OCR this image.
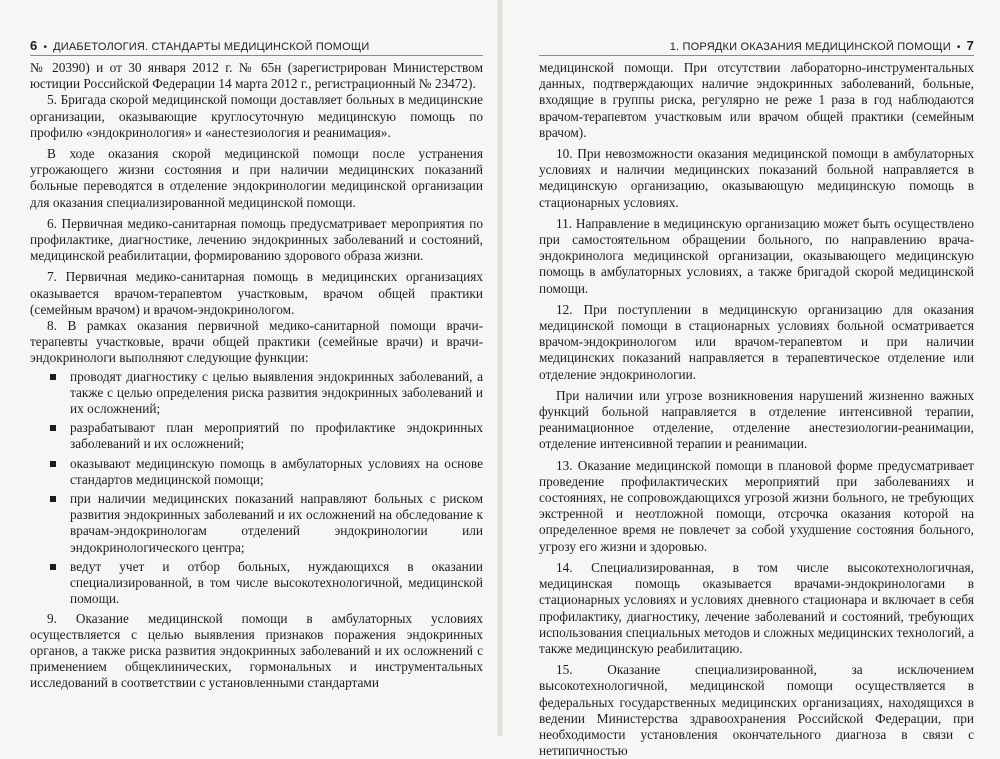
6 • ДИАБЕТОЛОГИЯ. СТАНДАРТЫ МЕДИЦИНСКОЙ ПОМОЩИ

№ 20390) и от 30 января 2012 г. № 65н (зарегистрирован Министерством юстиции Российской Федерации 14 марта 2012 г., регистрационный № 23472).

5. Бригада скорой медицинской помощи доставляет больных в медицинские организации, оказывающие круглосуточную медицинскую помощь по профилю «эндокринология» и «анестезиология и реанимация».

В ходе оказания скорой медицинской помощи после устранения угрожающего жизни состояния и при наличии медицинских показаний больные переводятся в отделение эндокринологии медицинской организации для оказания специализированной медицинской помощи.

6. Первичная медико-санитарная помощь предусматривает мероприятия по профилактике, диагностике, лечению эндокринных заболеваний и состояний, медицинской реабилитации, формированию здорового образа жизни.

7. Первичная медико-санитарная помощь в медицинских организациях оказывается врачом-терапевтом участковым, врачом общей практики (семейным врачом) и врачом-эндокринологом.

8. В рамках оказания первичной медико-санитарной помощи врачи-терапевты участковые, врачи общей практики (семейные врачи) и врачи-эндокринологи выполняют следующие функции:

проводят диагностику с целью выявления эндокринных заболеваний, а также с целью определения риска развития эндокринных заболеваний и их осложнений;
разрабатывают план мероприятий по профилактике эндокринных заболеваний и их осложнений;
оказывают медицинскую помощь в амбулаторных условиях на основе стандартов медицинской помощи;
при наличии медицинских показаний направляют больных с риском развития эндокринных заболеваний и их осложнений на обследование к врачам-эндокринологам отделений эндокринологии или эндокринологического центра;
ведут учет и отбор больных, нуждающихся в оказании специализированной, в том числе высокотехнологичной, медицинской помощи.

9. Оказание медицинской помощи в амбулаторных условиях осуществляется с целью выявления признаков поражения эндокринных органов, а также риска развития эндокринных заболеваний и их осложнений с применением общеклинических, гормональных и инструментальных исследований в соответствии с установленными стандартами

1. ПОРЯДКИ ОКАЗАНИЯ МЕДИЦИНСКОЙ ПОМОЩИ • 7

медицинской помощи. При отсутствии лабораторно-инструментальных данных, подтверждающих наличие эндокринных заболеваний, больные, входящие в группы риска, регулярно не реже 1 раза в год наблюдаются врачом-терапевтом участковым или врачом общей практики (семейным врачом).

10. При невозможности оказания медицинской помощи в амбулаторных условиях и наличии медицинских показаний больной направляется в медицинскую организацию, оказывающую медицинскую помощь в стационарных условиях.

11. Направление в медицинскую организацию может быть осуществлено при самостоятельном обращении больного, по направлению врача-эндокринолога медицинской организации, оказывающего медицинскую помощь в амбулаторных условиях, а также бригадой скорой медицинской помощи.

12. При поступлении в медицинскую организацию для оказания медицинской помощи в стационарных условиях больной осматривается врачом-эндокринологом или врачом-терапевтом и при наличии медицинских показаний направляется в терапевтическое отделение или отделение эндокринологии.

При наличии или угрозе возникновения нарушений жизненно важных функций больной направляется в отделение интенсивной терапии, реанимационное отделение, отделение анестезиологии-реанимации, отделение интенсивной терапии и реанимации.

13. Оказание медицинской помощи в плановой форме предусматривает проведение профилактических мероприятий при заболеваниях и состояниях, не сопровождающихся угрозой жизни больного, не требующих экстренной и неотложной помощи, отсрочка оказания которой на определенное время не повлечет за собой ухудшение состояния больного, угрозу его жизни и здоровью.

14. Специализированная, в том числе высокотехнологичная, медицинская помощь оказывается врачами-эндокринологами в стационарных условиях и условиях дневного стационара и включает в себя профилактику, диагностику, лечение заболеваний и состояний, требующих использования специальных методов и сложных медицинских технологий, а также медицинскую реабилитацию.

15. Оказание специализированной, за исключением высокотехнологичной, медицинской помощи осуществляется в федеральных государственных медицинских организациях, находящихся в ведении Министерства здравоохранения Российской Федерации, при необходимости установления окончательного диагноза в связи с нетипичностью
